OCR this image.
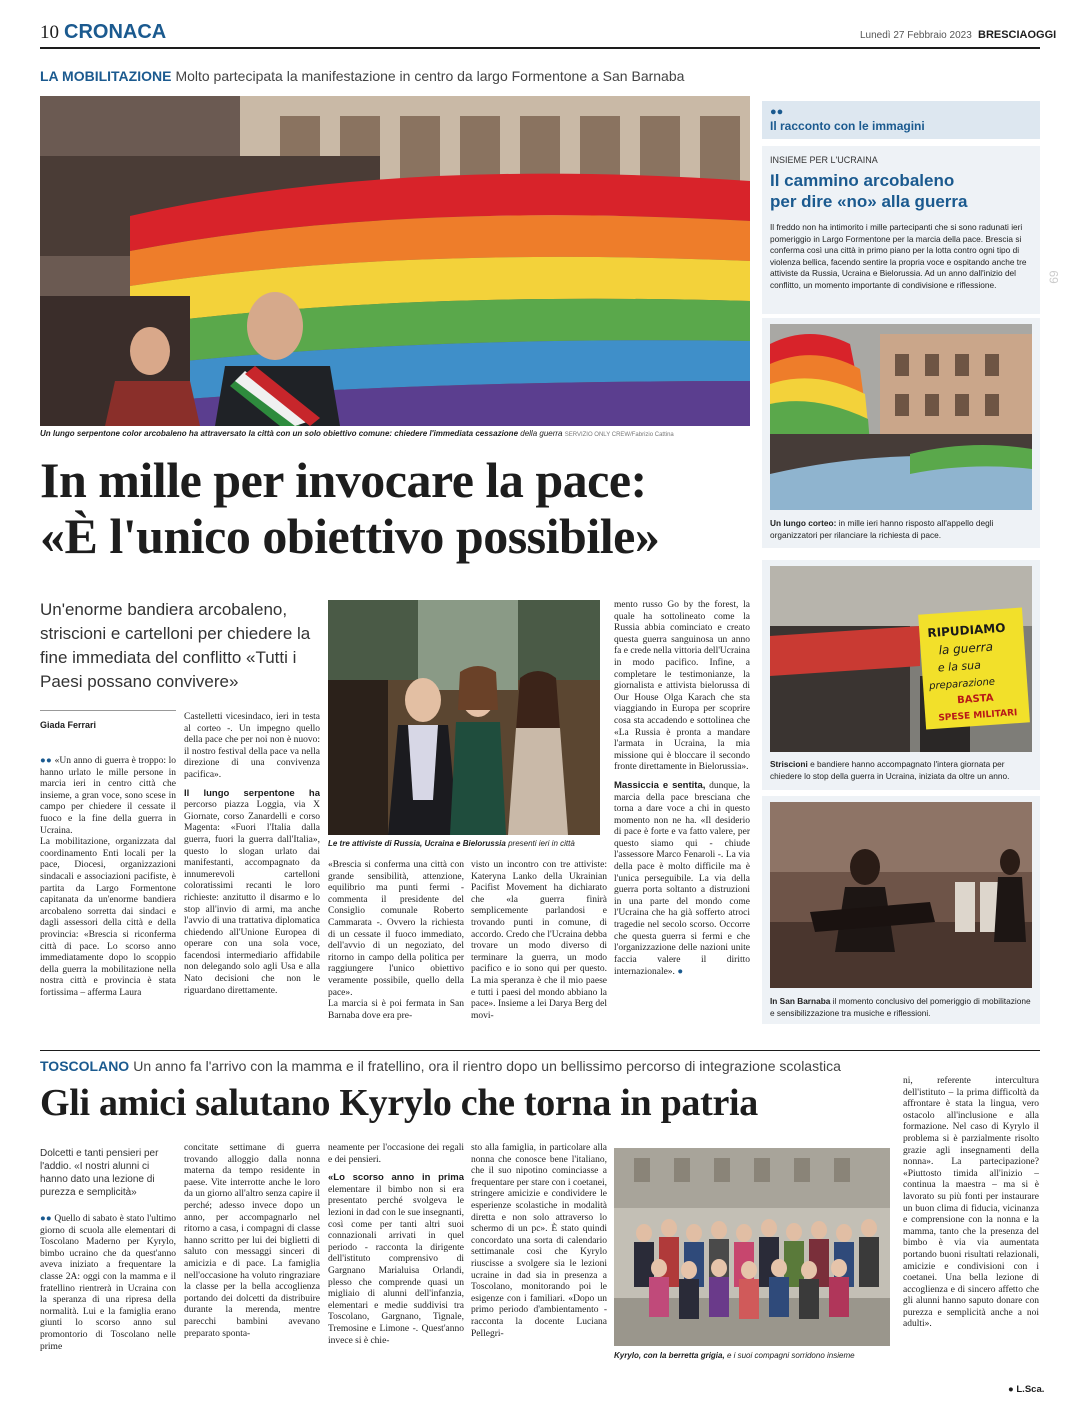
10 CRONACA	Lunedì 27 Febbraio 2023 BRESCIAOGGI
69
LA MOBILITAZIONE Molto partecipata la manifestazione in centro da largo Formentone a San Barnaba
Un lungo serpentone color arcobaleno ha attraversato la città con un solo obiettivo comune: chiedere l'immediata cessazione della guerra SERVIZIO ONLY CREW/Fabrizio Cattina
In mille per invocare la pace:
«È l'unico obiettivo possibile»
Un'enorme bandiera arcobaleno, striscioni e cartelloni per chiedere la fine immediata del conflitto «Tutti i Paesi possano convivere»
Giada Ferrari

●● «Un anno di guerra è troppo: lo hanno urlato le mille persone in marcia ieri in centro città che insieme, a gran voce, sono scese in campo per chiedere il cessate il fuoco e la fine della guerra in Ucraina.

La mobilitazione, organizzata dal coordinamento Enti locali per la pace, Diocesi, organizzazioni sindacali e associazioni pacifiste, è partita da Largo Formentone capitanata da un'enorme bandiera arcobaleno sorretta dai sindaci e dagli assessori della città e della provincia: «Brescia si riconferma città di pace. Lo scorso anno immediatamente dopo lo scoppio della guerra la mobilitazione nella nostra città e provincia è stata fortissima – afferma Laura

Castelletti vicesindaco, ieri in testa al corteo -. Un impegno quello della pace che per noi non è nuovo: il nostro festival della pace va nella direzione di una convivenza pacifica».

Il lungo serpentone ha percorso piazza Loggia, via X Giornate, corso Zanardelli e corso Magenta: «Fuori l'Italia dalla guerra, fuori la guerra dall'Italia», questo lo slogan urlato dai manifestanti, accompagnato da innumerevoli cartelloni coloratissimi recanti le loro richieste: anzitutto il disarmo e lo stop all'invio di armi, ma anche l'avvio di una trattativa diplomatica chiedendo all'Unione Europea di operare con una sola voce, facendosi intermediario affidabile non delegando solo agli Usa e alla Nato decisioni che non le riguardano direttamente.

Le tre attiviste di Russia, Ucraina e Bielorussia presenti ieri in città

«Brescia si conferma una città con grande sensibilità, attenzione, equilibrio ma punti fermi - commenta il presidente del Consiglio comunale Roberto Cammarata -. Ovvero la richiesta di un cessate il fuoco immediato, dell'avvio di un negoziato, del ritorno in campo della politica per raggiungere l'unico obiettivo veramente possibile, quello della pace».

La marcia si è poi fermata in San Barnaba dove era pre-

visto un incontro con tre attiviste: Kateryna Lanko della Ukrainian Pacifist Movement ha dichiarato che «la guerra finirà semplicemente parlandosi e trovando punti in comune, di accordo. Credo che l'Ucraina debba trovare un modo diverso di terminare la guerra, un modo pacifico e io sono qui per questo. La mia speranza è che il mio paese e tutti i paesi del mondo abbiano la pace». Insieme a lei Darya Berg del movi-

mento russo Go by the forest, la quale ha sottolineato come la Russia abbia cominciato e creato questa guerra sanguinosa un anno fa e crede nella vittoria dell'Ucraina in modo pacifico. Infine, a completare le testimonianze, la giornalista e attivista bielorussa di Our House Olga Karach che sta viaggiando in Europa per scoprire cosa sta accadendo e sottolinea che «La Russia è pronta a mandare l'armata in Ucraina, la mia missione qui è bloccare il secondo fronte direttamente in Bielorussia».

Massiccia e sentita, dunque, la marcia della pace bresciana che torna a dare voce a chi in questo momento non ne ha. «Il desiderio di pace è forte e va fatto valere, per questo siamo qui - chiude l'assessore Marco Fenaroli -. La via della pace è molto difficile ma è l'unica perseguibile. La via della guerra porta soltanto a distruzioni in una parte del mondo come l'Ucraina che ha già sofferto atroci tragedie nel secolo scorso. Occorre che questa guerra si fermi e che l'organizzazione delle nazioni unite faccia valere il diritto internazionale». ●

●●
Il racconto con le immagini
INSIEME PER L'UCRAINA
Il cammino arcobaleno
per dire «no» alla guerra
Il freddo non ha intimorito i mille partecipanti che si sono radunati ieri pomeriggio in Largo Formentone per la marcia della pace. Brescia si conferma così una città in primo piano per la lotta contro ogni tipo di violenza bellica, facendo sentire la propria voce e ospitando anche tre attiviste da Russia, Ucraina e Bielorussia. Ad un anno dall'inizio del conflitto, un momento importante di condivisione e riflessione.
Un lungo corteo: in mille ieri hanno risposto all'appello degli organizzatori per rilanciare la richiesta di pace.
RIPUDIAMO
la guerra
e la sua
preparazione
BASTA
SPESE MILITARI
Striscioni e bandiere hanno accompagnato l'intera giornata per chiedere lo stop della guerra in Ucraina, iniziata da oltre un anno.
In San Barnaba il momento conclusivo del pomeriggio di mobilitazione e sensibilizzazione tra musiche e riflessioni.
TOSCOLANO Un anno fa l'arrivo con la mamma e il fratellino, ora il rientro dopo un bellissimo percorso di integrazione scolastica
Gli amici salutano Kyrylo che torna in patria
Dolcetti e tanti pensieri per l'addio. «I nostri alunni ci hanno dato una lezione di purezza e semplicità»

●● Quello di sabato è stato l'ultimo giorno di scuola alle elementari di Toscolano Maderno per Kyrylo, bimbo ucraino che da quest'anno aveva iniziato a frequentare la classe 2A: oggi con la mamma e il fratellino rientrerà in Ucraina con la speranza di una ripresa della normalità. Lui e la famiglia erano giunti lo scorso anno sul promontorio di Toscolano nelle prime

concitate settimane di guerra trovando alloggio dalla nonna materna da tempo residente in paese. Vite interrotte anche le loro da un giorno all'altro senza capire il perché; adesso invece dopo un anno, per accompagnarlo nel ritorno a casa, i compagni di classe hanno scritto per lui dei biglietti di saluto con messaggi sinceri di amicizia e di pace. La famiglia nell'occasione ha voluto ringraziare la classe per la bella accoglienza portando dei dolcetti da distribuire durante la merenda, mentre parecchi bambini avevano preparato sponta-

neamente per l'occasione dei regali e dei pensieri.

«Lo scorso anno in prima elementare il bimbo non si era presentato perché svolgeva le lezioni in dad con le sue insegnanti, così come per tanti altri suoi connazionali arrivati in quel periodo - racconta la dirigente dell'istituto comprensivo di Gargnano Marialuisa Orlandi, plesso che comprende quasi un migliaio di alunni dell'infanzia, elementari e medie suddivisi tra Toscolano, Gargnano, Tignale, Tremosine e Limone -. Quest'anno invece si è chie-

sto alla famiglia, in particolare alla nonna che conosce bene l'italiano, che il suo nipotino cominciasse a frequentare per stare con i coetanei, stringere amicizie e condividere le esperienze scolastiche in modalità diretta e non solo attraverso lo schermo di un pc». È stato quindi concordato una sorta di calendario settimanale così che Kyrylo riuscisse a svolgere sia le lezioni ucraine in dad sia in presenza a Toscolano, monitorando poi le esigenze con i familiari. «Dopo un primo periodo d'ambientamento - racconta la docente Luciana Pellegri-

Kyrylo, con la berretta grigia, e i suoi compagni sorridono insieme

ni, referente intercultura dell'istituto – la prima difficoltà da affrontare è stata la lingua, vero ostacolo all'inclusione e alla formazione. Nel caso di Kyrylo il problema si è parzialmente risolto grazie agli insegnamenti della nonna». La partecipazione? «Piuttosto timida all'inizio – continua la maestra – ma si è lavorato su più fonti per instaurare un buon clima di fiducia, vicinanza e comprensione con la nonna e la mamma, tanto che la presenza del bimbo è via via aumentata portando buoni risultati relazionali, amicizie e condivisioni con i coetanei. Una bella lezione di accoglienza e di sincero affetto che gli alunni hanno saputo donare con purezza e semplicità anche a noi adulti».

● L.Sca.
